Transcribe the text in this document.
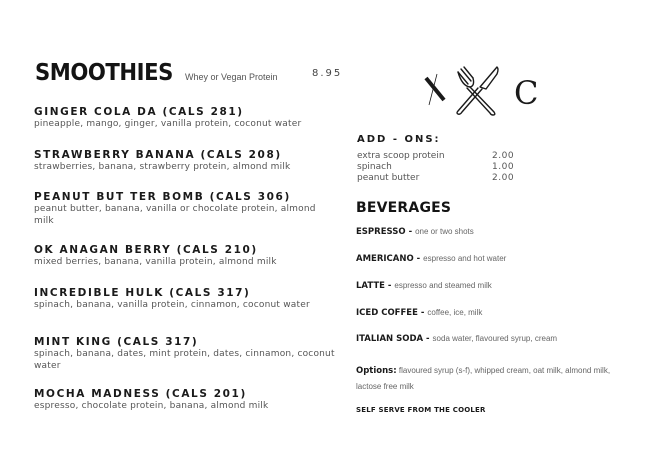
SMOOTHIES Whey or Vegan Protein	8.95
GINGER COLA DA (CALS 281)
pineapple, mango, ginger, vanilla protein, coconut water
STRAWBERRY BANANA (CALS 208)
strawberries, banana, strawberry protein, almond milk
PEANUT BUT TER BOMB (CALS 306)
peanut butter, banana, vanilla or chocolate protein, almond milk
OK ANAGAN BERRY (CALS 210)
mixed berries, banana, vanilla protein, almond milk
INCREDIBLE HULK (CALS 317)
spinach, banana, vanilla protein, cinnamon, coconut water
MINT KING (CALS 317)
spinach, banana, dates, mint protein, dates, cinnamon, coconut water
MOCHA MADNESS (CALS 201)
espresso, chocolate protein, banana, almond milk
C
ADD - ONS:
extra scoop protein	2.00
spinach	1.00
peanut butter	2.00
BEVERAGES
ESPRESSO - one or two shots
AMERICANO - espresso and hot water
LATTE - espresso and steamed milk
ICED COFFEE - coffee, ice, milk
ITALIAN SODA - soda water, flavoured syrup, cream
Options: flavoured syrup (s-f), whipped cream, oat milk, almond milk, lactose free milk
SELF SERVE FROM THE COOLER
